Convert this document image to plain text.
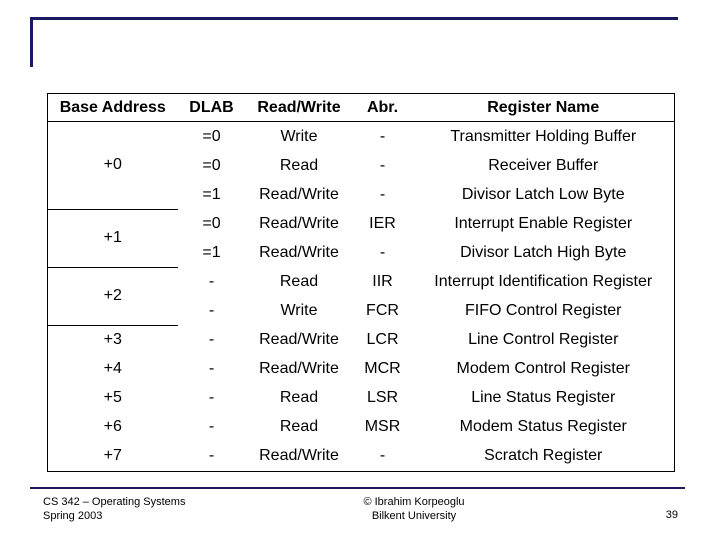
Base Address	DLAB	Read/Write	Abr.	Register Name
+0	=0	Write	-	Transmitter Holding Buffer
	=0	Read	-	Receiver Buffer
	=1	Read/Write	-	Divisor Latch Low Byte
+1	=0	Read/Write	IER	Interrupt Enable Register
	=1	Read/Write	-	Divisor Latch High Byte
+2	-	Read	IIR	Interrupt Identification Register
	-	Write	FCR	FIFO Control Register
+3	-	Read/Write	LCR	Line Control Register
+4	-	Read/Write	MCR	Modem Control Register
+5	-	Read	LSR	Line Status Register
+6	-	Read	MSR	Modem Status Register
+7	-	Read/Write	-	Scratch Register
CS 342 – Operating Systems
Spring 2003
© Ibrahim Korpeoglu
Bilkent University	39
